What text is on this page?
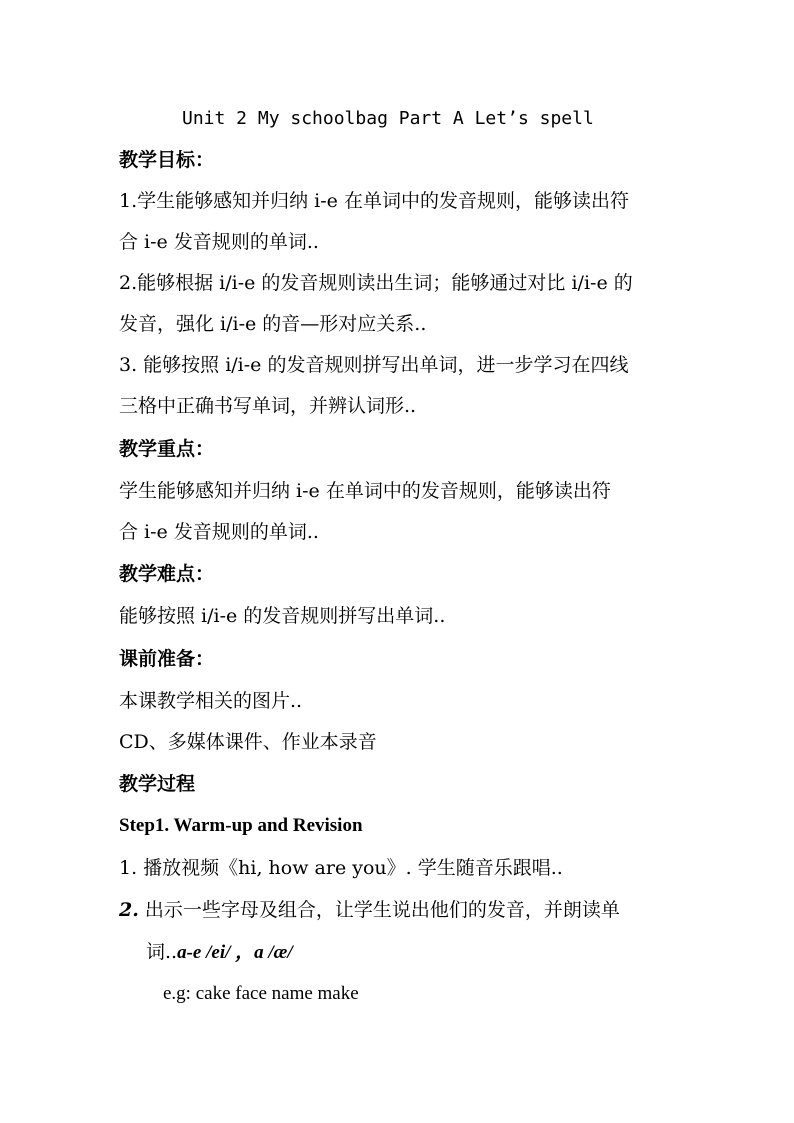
Unit 2 My schoolbag Part A Let’s spell
教学目标：
1.学生能够感知并归纳 i-e 在单词中的发音规则，能够读出符
合 i-e 发音规则的单词..
2.能够根据 i/i-e 的发音规则读出生词；能够通过对比 i/i-e 的
发音，强化 i/i-e 的音—形对应关系..
3. 能够按照 i/i-e 的发音规则拼写出单词，进一步学习在四线
三格中正确书写单词，并辨认词形..
教学重点：
学生能够感知并归纳 i-e 在单词中的发音规则，能够读出符
合 i-e 发音规则的单词..
教学难点：
能够按照 i/i-e 的发音规则拼写出单词..
课前准备：
本课教学相关的图片..
CD、多媒体课件、作业本录音
教学过程
Step1. Warm-up and Revision
1. 播放视频《hi, how are you》. 学生随音乐跟唱..
2. 出示一些字母及组合，让学生说出他们的发音，并朗读单
词..a-e /ei/ ，a /æ/
e.g: cake face name make
